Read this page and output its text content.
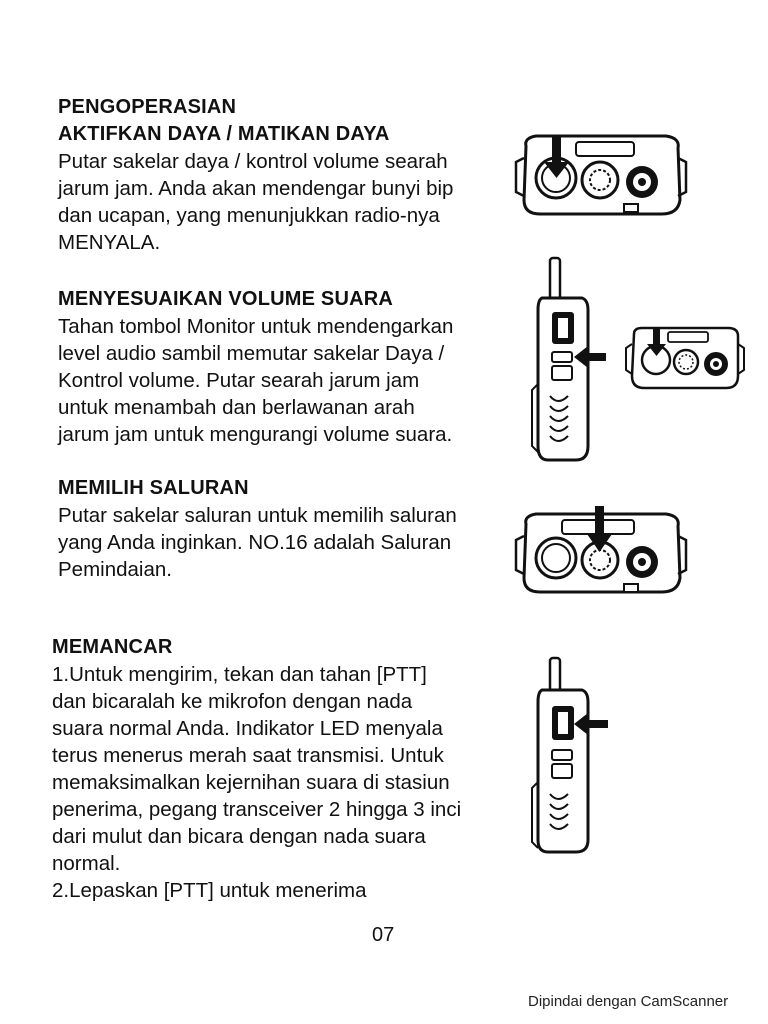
PENGOPERASIAN
AKTIFKAN DAYA / MATIKAN DAYA
Putar sakelar daya / kontrol volume searah
jarum jam. Anda akan mendengar bunyi bip
dan ucapan, yang menunjukkan radio-nya
MENYALA.
MENYESUAIKAN VOLUME SUARA
Tahan tombol Monitor untuk mendengarkan
level audio sambil memutar sakelar Daya /
Kontrol volume. Putar searah jarum jam
untuk menambah dan berlawanan arah
jarum jam untuk mengurangi volume suara.
MEMILIH SALURAN
Putar sakelar saluran untuk memilih saluran
yang Anda inginkan. NO.16 adalah Saluran
Pemindaian.
MEMANCAR
1.Untuk mengirim, tekan dan tahan [PTT]
dan bicaralah ke mikrofon dengan nada
suara normal Anda. Indikator LED menyala
terus menerus merah saat transmisi. Untuk
memaksimalkan kejernihan suara di stasiun
penerima, pegang transceiver 2 hingga 3 inci
dari mulut dan bicara dengan nada suara
normal.
2.Lepaskan [PTT] untuk menerima
07
Dipindai dengan CamScanner
